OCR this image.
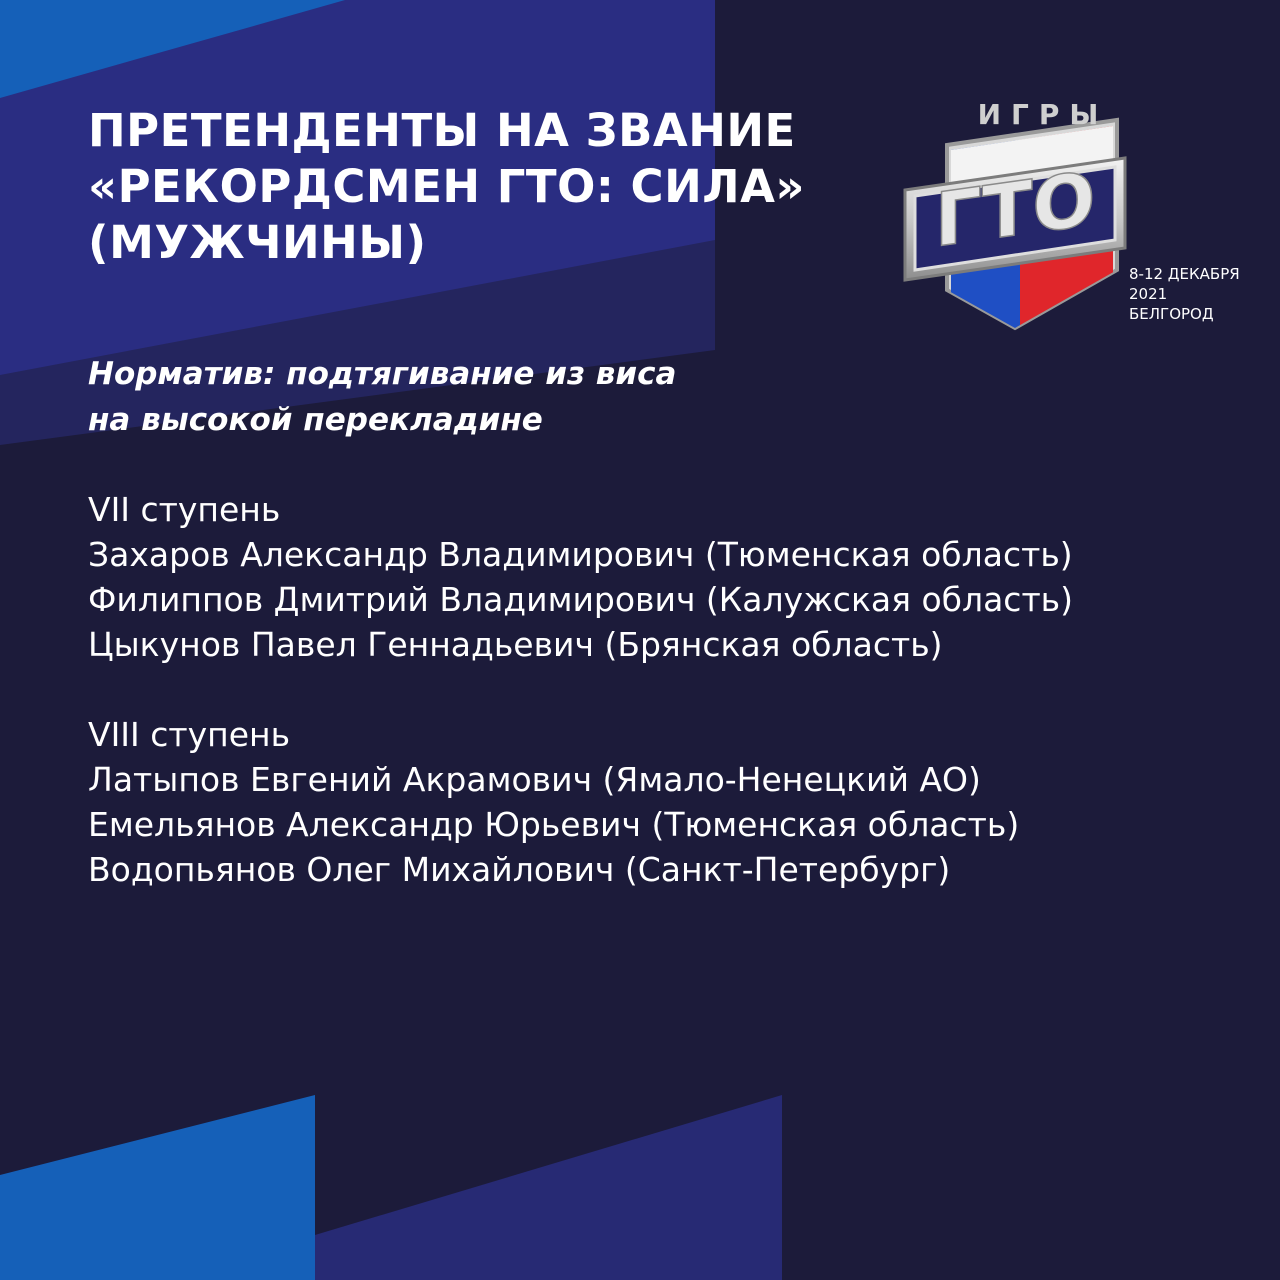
ПРЕТЕНДЕНТЫ НА ЗВАНИЕ
«РЕКОРДСМЕН ГТО: СИЛА»
(МУЖЧИНЫ)	ГТО
ИГРЫ
8-12 ДЕКАБРЯ
2021
БЕЛГОРОД
Норматив: подтягивание из виса
на высокой перекладине
VII ступень
Захаров Александр Владимирович (Тюменская область)
Филиппов Дмитрий Владимирович (Калужская область)
Цыкунов Павел Геннадьевич (Брянская область)
VIII ступень
Латыпов Евгений Акрамович (Ямало-Ненецкий АО)
Емельянов Александр Юрьевич (Тюменская область)
Водопьянов Олег Михайлович (Санкт-Петербург)
